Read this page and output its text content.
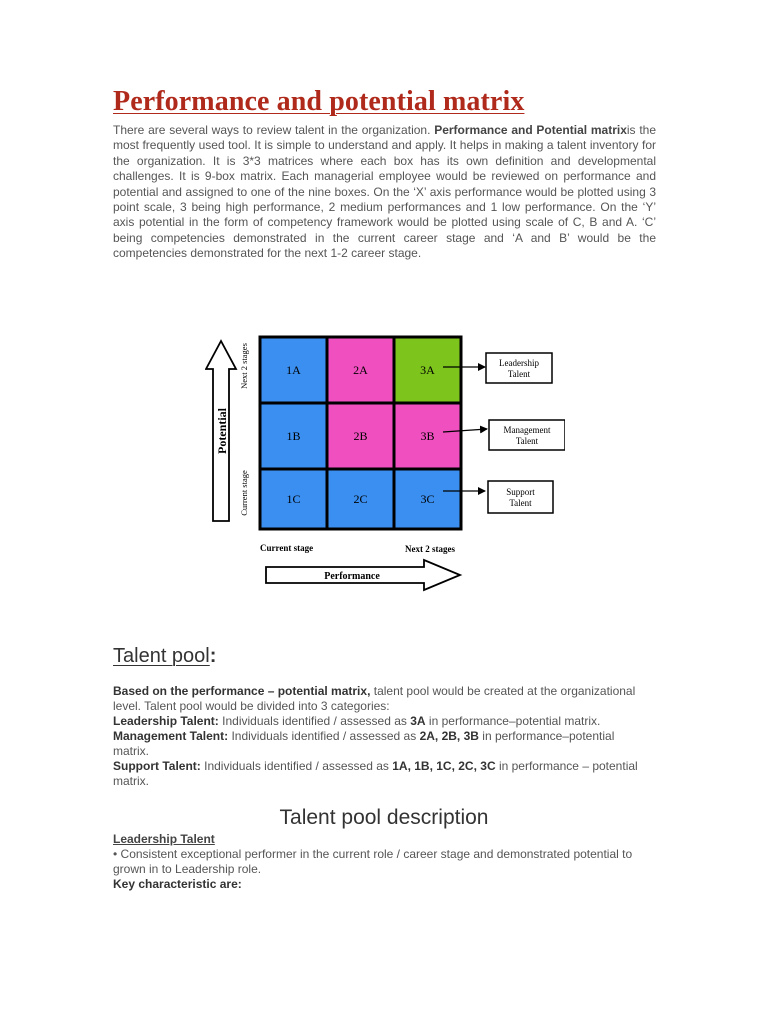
Performance and potential matrix

There are several ways to review talent in the organization. Performance and Potential matrixis the most frequently used tool. It is simple to understand and apply. It helps in making a talent inventory for the organization. It is 3*3 matrices where each box has its own definition and developmental challenges. It is 9-box matrix. Each managerial employee would be reviewed on performance and potential and assigned to one of the nine boxes. On the ‘X’ axis performance would be plotted using 3 point scale, 3 being high performance, 2 medium performances and 1 low performance. On the ‘Y’ axis potential in the form of competency framework would be plotted using scale of C, B and A. ‘C’ being competencies demonstrated in the current career stage and ‘A and B’ would be the competencies demonstrated for the next 1-2 career stage.

1A	2A	3A
1B	2B	3B
1C	2C	3C
Leadership
Talent
Management
Talent
Support
Talent
Potential
Next 2 stages
Current stage
Current stage	Next 2 stages
Performance
Talent pool:

Based on the performance – potential matrix, talent pool would be created at the organizational level. Talent pool would be divided into 3 categories:

Leadership Talent: Individuals identified / assessed as 3A in performance–potential matrix.

Management Talent: Individuals identified / assessed as 2A, 2B, 3B in performance–potential matrix.

Support Talent: Individuals identified / assessed as 1A, 1B, 1C, 2C, 3C in performance – potential matrix.

Talent pool description

Leadership Talent

• Consistent exceptional performer in the current role / career stage and demonstrated potential to grown in to Leadership role.

Key characteristic are:
